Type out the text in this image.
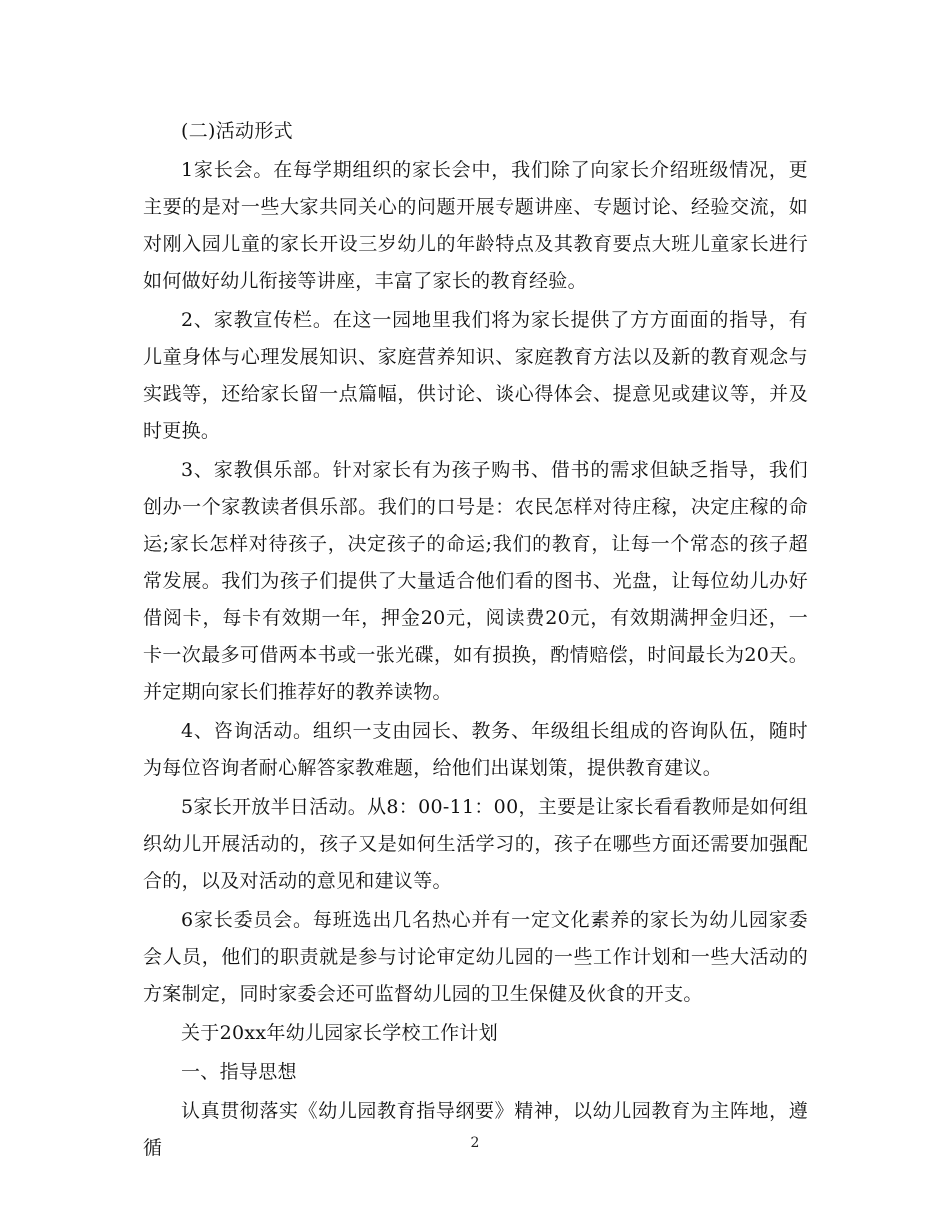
(二)活动形式

1家长会。在每学期组织的家长会中，我们除了向家长介绍班级情况，更主要的是对一些大家共同关心的问题开展专题讲座、专题讨论、经验交流，如对刚入园儿童的家长开设三岁幼儿的年龄特点及其教育要点大班儿童家长进行如何做好幼儿衔接等讲座，丰富了家长的教育经验。

2、家教宣传栏。在这一园地里我们将为家长提供了方方面面的指导，有儿童身体与心理发展知识、家庭营养知识、家庭教育方法以及新的教育观念与实践等，还给家长留一点篇幅，供讨论、谈心得体会、提意见或建议等，并及时更换。

3、家教俱乐部。针对家长有为孩子购书、借书的需求但缺乏指导，我们创办一个家教读者俱乐部。我们的口号是：农民怎样对待庄稼，决定庄稼的命运;家长怎样对待孩子，决定孩子的命运;我们的教育，让每一个常态的孩子超常发展。我们为孩子们提供了大量适合他们看的图书、光盘，让每位幼儿办好借阅卡，每卡有效期一年，押金20元，阅读费20元，有效期满押金归还，一卡一次最多可借两本书或一张光碟，如有损换，酌情赔偿，时间最长为20天。并定期向家长们推荐好的教养读物。

4、咨询活动。组织一支由园长、教务、年级组长组成的咨询队伍，随时为每位咨询者耐心解答家教难题，给他们出谋划策，提供教育建议。

5家长开放半日活动。从8：00-11：00，主要是让家长看看教师是如何组织幼儿开展活动的，孩子又是如何生活学习的，孩子在哪些方面还需要加强配合的，以及对活动的意见和建议等。

6家长委员会。每班选出几名热心并有一定文化素养的家长为幼儿园家委会人员，他们的职责就是参与讨论审定幼儿园的一些工作计划和一些大活动的方案制定，同时家委会还可监督幼儿园的卫生保健及伙食的开支。

关于20xx年幼儿园家长学校工作计划

一、指导思想

认真贯彻落实《幼儿园教育指导纲要》精神，以幼儿园教育为主阵地，遵循	2
